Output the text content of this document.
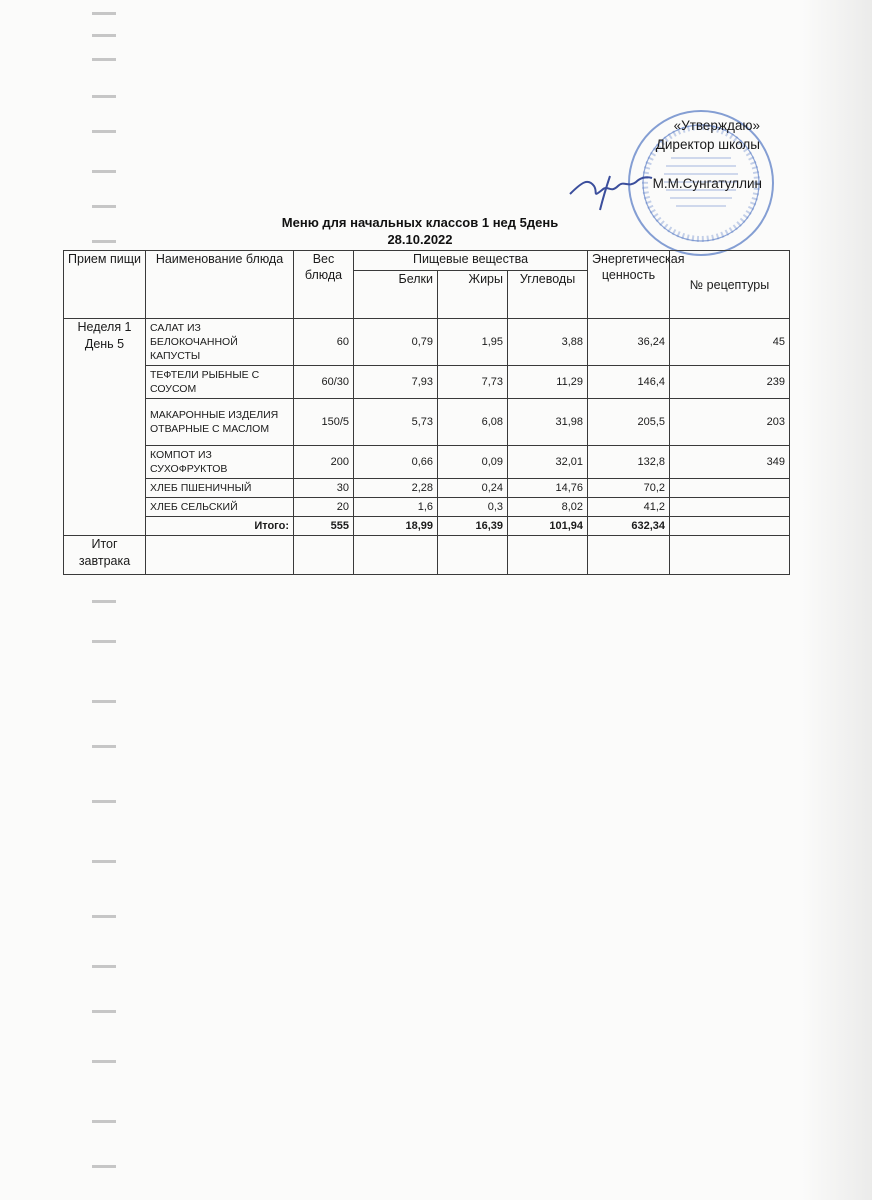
«Утверждаю»
Директор школы
М.М.Сунгатуллин
Меню для начальных классов 1 нед 5день
28.10.2022
Прием пищи	Наименование блюда	Вес блюда	Пищевые вещества			Энергетическая ценность	№ рецептуры
			Белки	Жиры	Углеводы		
Неделя 1 День 5	САЛАТ ИЗ БЕЛОКОЧАННОЙ КАПУСТЫ	60	0,79	1,95	3,88	36,24	45
	ТЕФТЕЛИ РЫБНЫЕ С СОУСОМ	60/30	7,93	7,73	11,29	146,4	239
	МАКАРОННЫЕ ИЗДЕЛИЯ ОТВАРНЫЕ С МАСЛОМ	150/5	5,73	6,08	31,98	205,5	203
	КОМПОТ ИЗ СУХОФРУКТОВ	200	0,66	0,09	32,01	132,8	349
	ХЛЕБ ПШЕНИЧНЫЙ	30	2,28	0,24	14,76	70,2	
	ХЛЕБ СЕЛЬСКИЙ	20	1,6	0,3	8,02	41,2	
	Итого:	555	18,99	16,39	101,94	632,34	
Итог завтрака							
